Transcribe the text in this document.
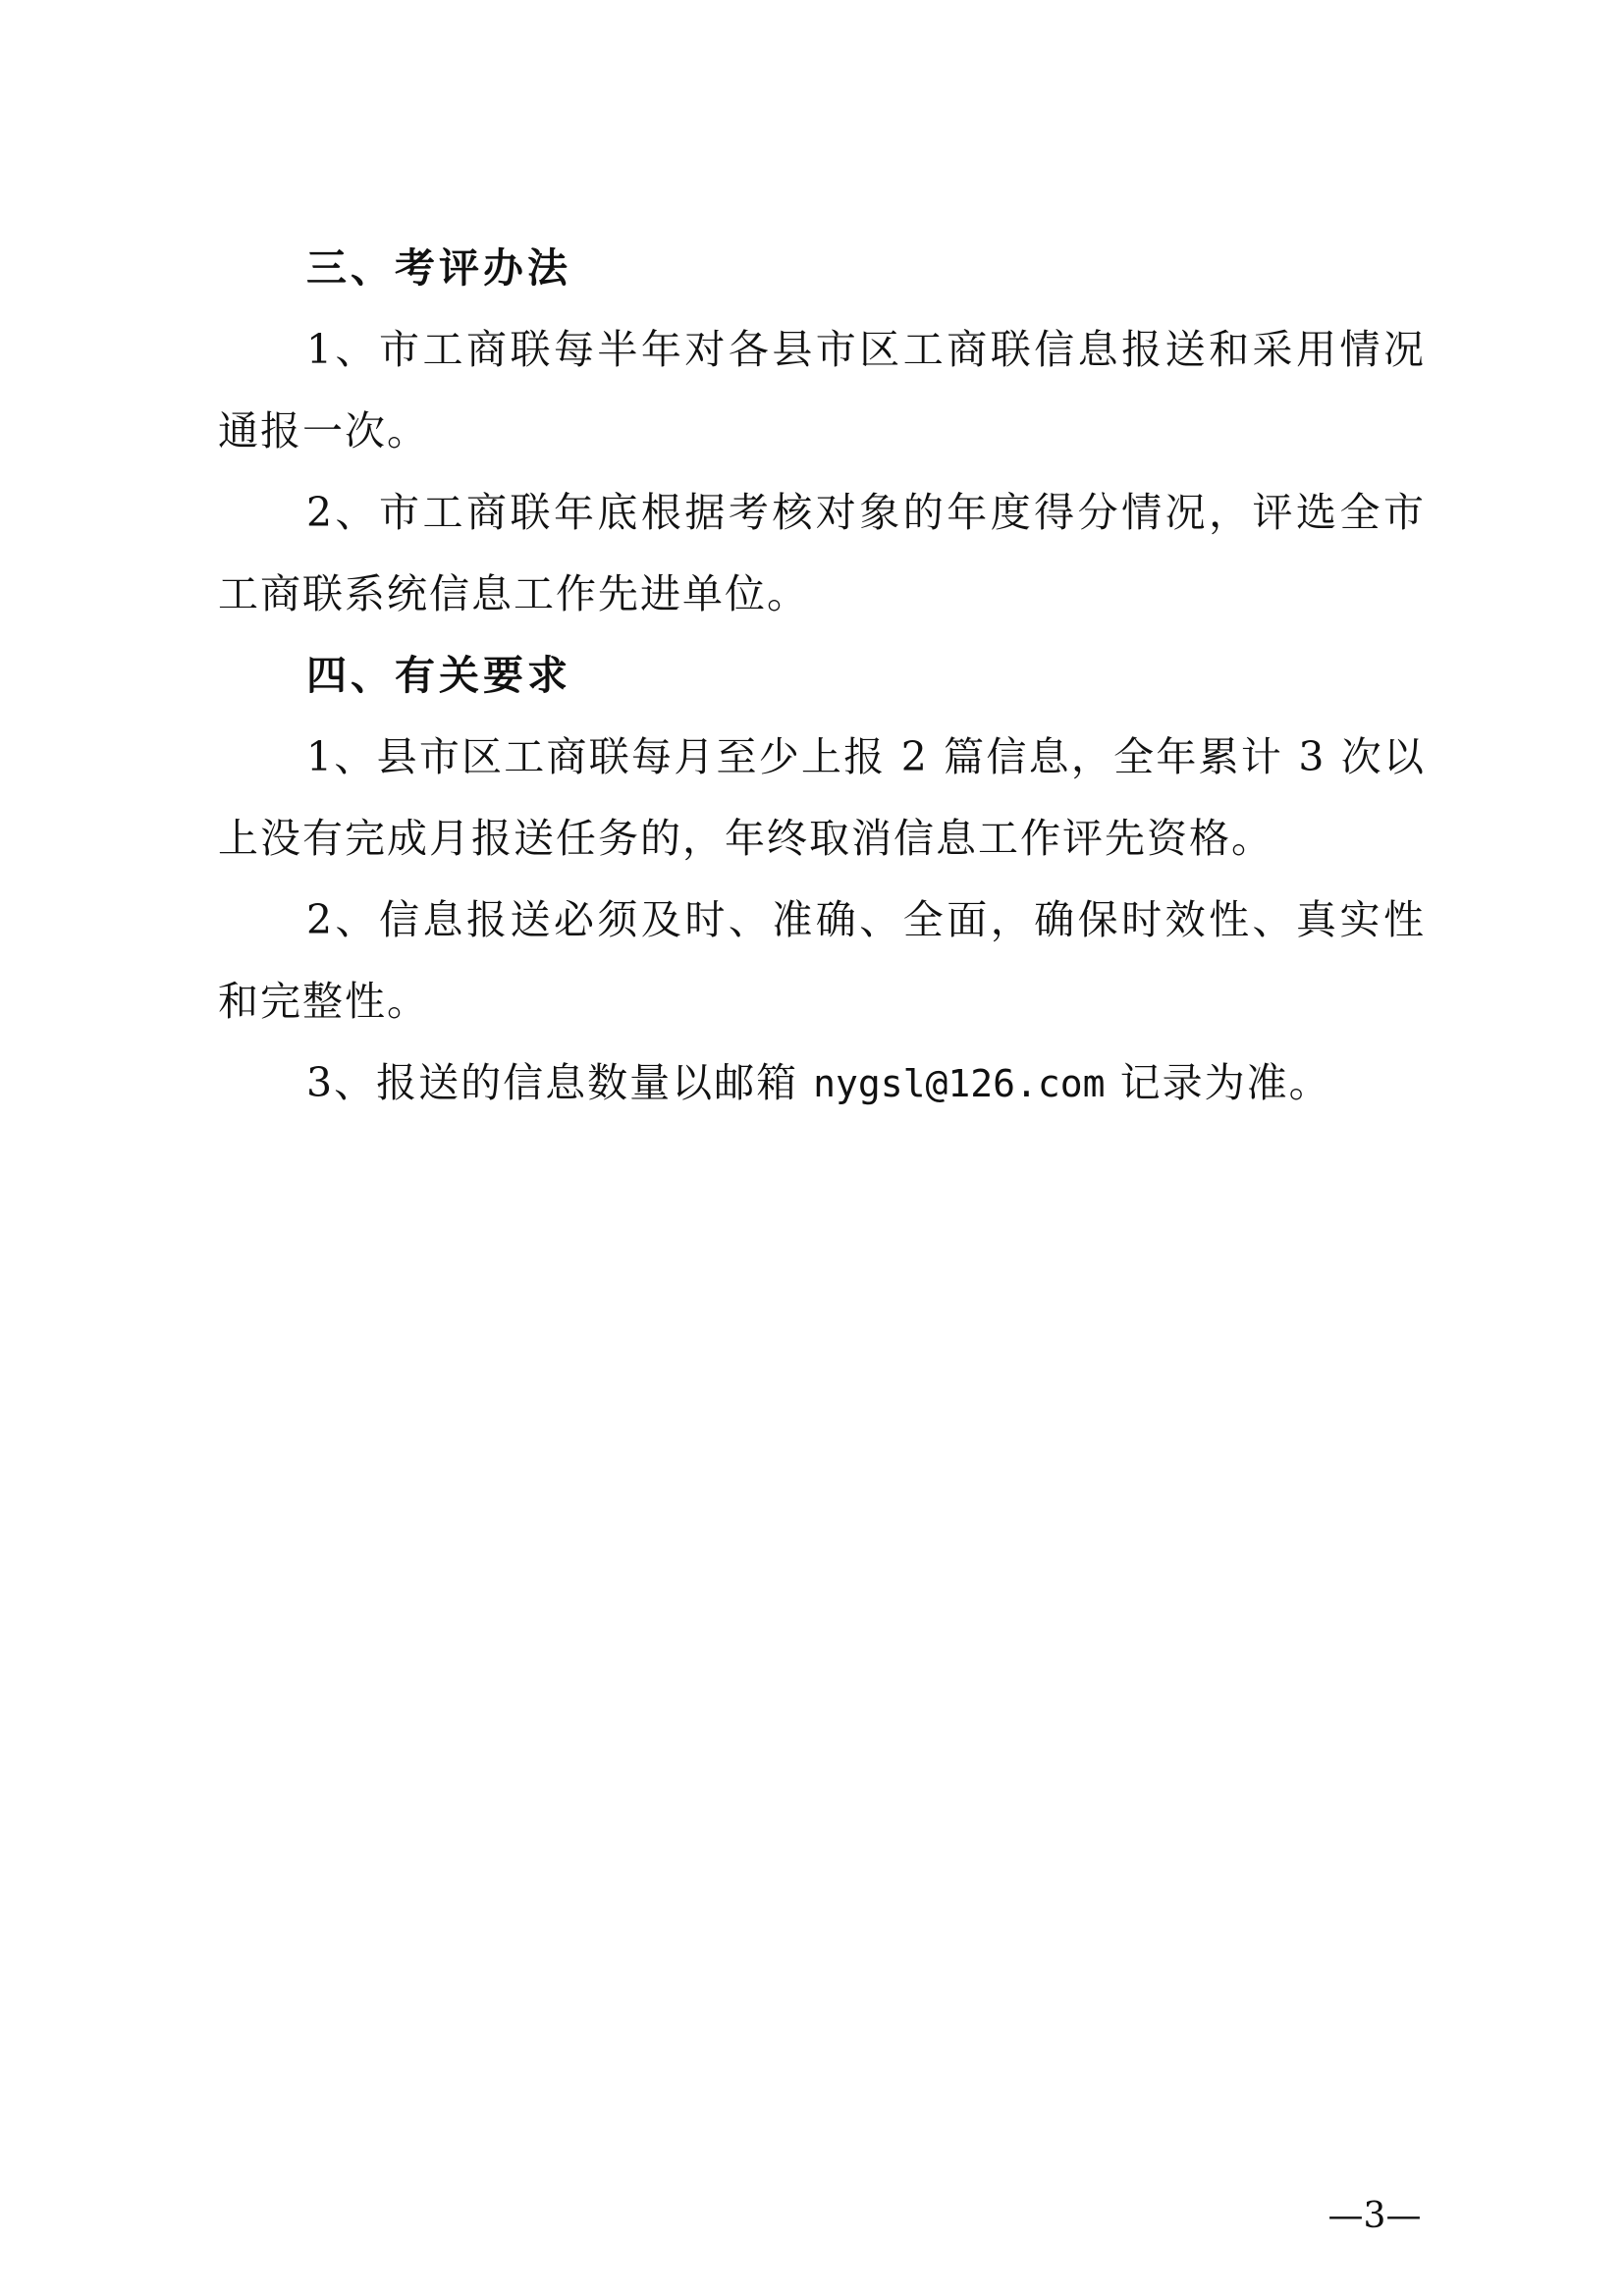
三、考评办法
1、市工商联每半年对各县市区工商联信息报送和采用情况
通报一次。
2、市工商联年底根据考核对象的年度得分情况，评选全市
工商联系统信息工作先进单位。
四、有关要求
1、县市区工商联每月至少上报 2 篇信息，全年累计 3 次以
上没有完成月报送任务的，年终取消信息工作评先资格。
2、信息报送必须及时、准确、全面，确保时效性、真实性
和完整性。
3、报送的信息数量以邮箱 nygsl@126.com 记录为准。
—3—
